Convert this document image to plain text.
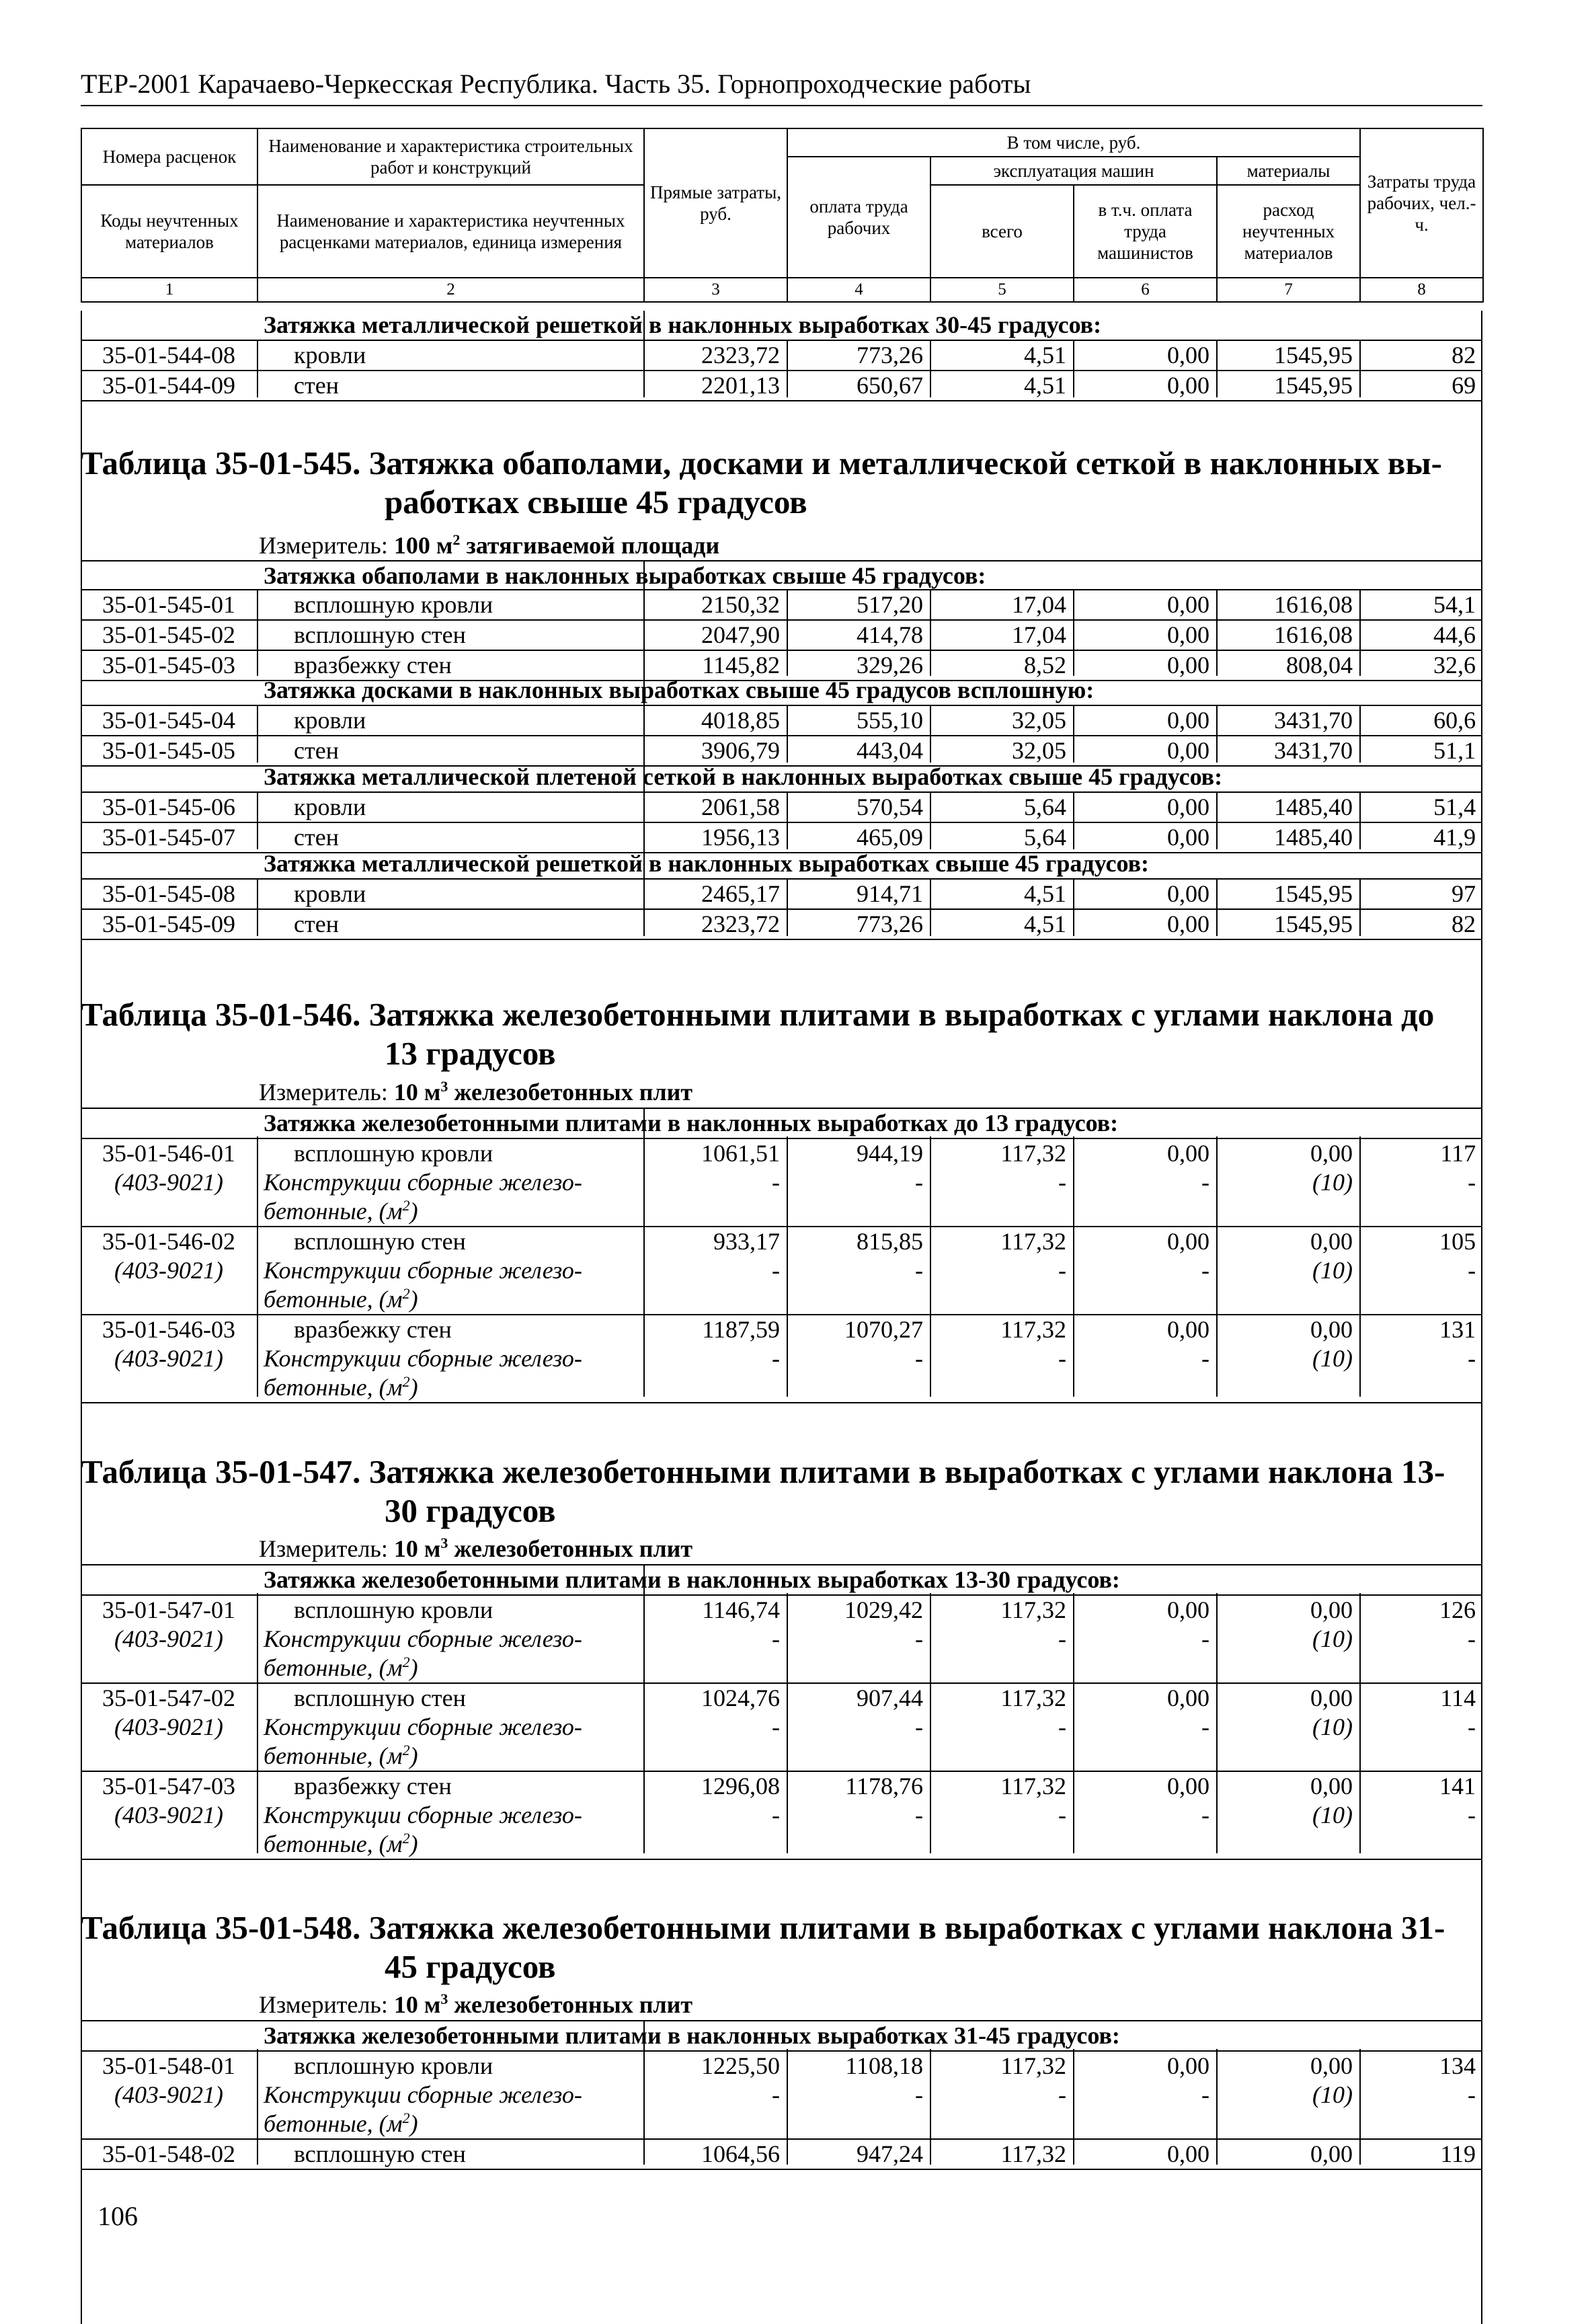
ТЕР-2001 Карачаево-Черкесская Республика. Часть 35. Горнопроходческие работы
Номера расценок	Наименование и характеристика строительных работ и конструкций	Прямые затраты, руб.	В том числе, руб.				Затраты труда рабочих, чел.-ч.
			оплата труда рабочих	эксплуатация машин		материалы	
Коды неучтенных материалов	Наименование и характеристика неучтенных расценками материалов, единица измерения			всего	в т.ч. оплата труда машинистов	расход неучтенных материалов	
1	2	3	4	5	6	7	8
	Затяжка металлической решеткой в наклонных выработках 30-45 градусов:						
35-01-544-08	кровли	2323,72	773,26	4,51	0,00	1545,95	82
35-01-544-09	стен	2201,13	650,67	4,51	0,00	1545,95	69
Таблица 35-01-545. Затяжка обаполами, досками и металлической сеткой в наклонных вы-
работках свыше 45 градусов
Измеритель: 100 $м^2$ затягиваемой площади
	Затяжка обаполами в наклонных выработках свыше 45 градусов:
Таблица 35-01-546. Затяжка железобетонными плитами в выработках с углами наклона до
13 градусов
Измеритель: 10 $м^3$ железобетонных плит
Таблица 35-01-547. Затяжка железобетонными плитами в выработках с углами наклона 13-
30 градусов
Измеритель: 10 $м^3$ железобетонных плит
Таблица 35-01-548. Затяжка железобетонными плитами в выработках с углами наклона 31-
45 градусов
Измеритель: 10 $м^3$ железобетонных плит
35-01-545-01	всплошную кровли	2150,32	517,20	17,04	0,00	1616,08	54,1
35-01-545-02	всплошную стен	2047,90	414,78	17,04	0,00	1616,08	44,6
35-01-545-03	вразбежку стен	1145,82	329,26	8,52	0,00	808,04	32,6
	Затяжка досками в наклонных выработках свыше 45 градусов всплошную:						
35-01-545-04	кровли	4018,85	555,10	32,05	0,00	3431,70	60,6
35-01-545-05	стен	3906,79	443,04	32,05	0,00	3431,70	51,1
	Затяжка металлической плетеной сеткой в наклонных выработках свыше 45 градусов:						
35-01-545-06	кровли	2061,58	570,54	5,64	0,00	1485,40	51,4
35-01-545-07	стен	1956,13	465,09	5,64	0,00	1485,40	41,9
	Затяжка металлической решеткой в наклонных выработках свыше 45 градусов:						
35-01-545-08	кровли	2465,17	914,71	4,51	0,00	1545,95	97
35-01-545-09	стен	2323,72	773,26	4,51	0,00	1545,95	82
	Затяжка железобетонными плитами в наклонных выработках до 13 градусов:						
35-01-546-01	всплошную кровли	1061,51	944,19	117,32	0,00	0,00	117
(403-9021)	Конструкции сборные железо-	-	-	-	-	(10)	-
	бетонные, $(м^2)$						
35-01-546-02	всплошную стен	933,17	815,85	117,32	0,00	0,00	105
(403-9021)	Конструкции сборные железо-	-	-	-	-	(10)	-
	бетонные, $(м^2)$						
35-01-546-03	вразбежку стен	1187,59	1070,27	117,32	0,00	0,00	131
(403-9021)	Конструкции сборные железо-	-	-	-	-	(10)	-
	бетонные, $(м^2)$						
	Затяжка железобетонными плитами в наклонных выработках 13-30 градусов:						
35-01-547-01	всплошную кровли	1146,74	1029,42	117,32	0,00	0,00	126
(403-9021)	Конструкции сборные железо-	-	-	-	-	(10)	-
	бетонные, $(м^2)$						
35-01-547-02	всплошную стен	1024,76	907,44	117,32	0,00	0,00	114
(403-9021)	Конструкции сборные железо-	-	-	-	-	(10)	-
	бетонные, $(м^2)$						
35-01-547-03	вразбежку стен	1296,08	1178,76	117,32	0,00	0,00	141
(403-9021)	Конструкции сборные железо-	-	-	-	-	(10)	-
	бетонные, $(м^2)$						
	Затяжка железобетонными плитами в наклонных выработках 31-45 градусов:						
35-01-548-01	всплошную кровли	1225,50	1108,18	117,32	0,00	0,00	134
(403-9021)	Конструкции сборные железо-	-	-	-	-	(10)	-
	бетонные, $(м^2)$						
35-01-548-02	всплошную стен	1064,56	947,24	117,32	0,00	0,00	119
106
